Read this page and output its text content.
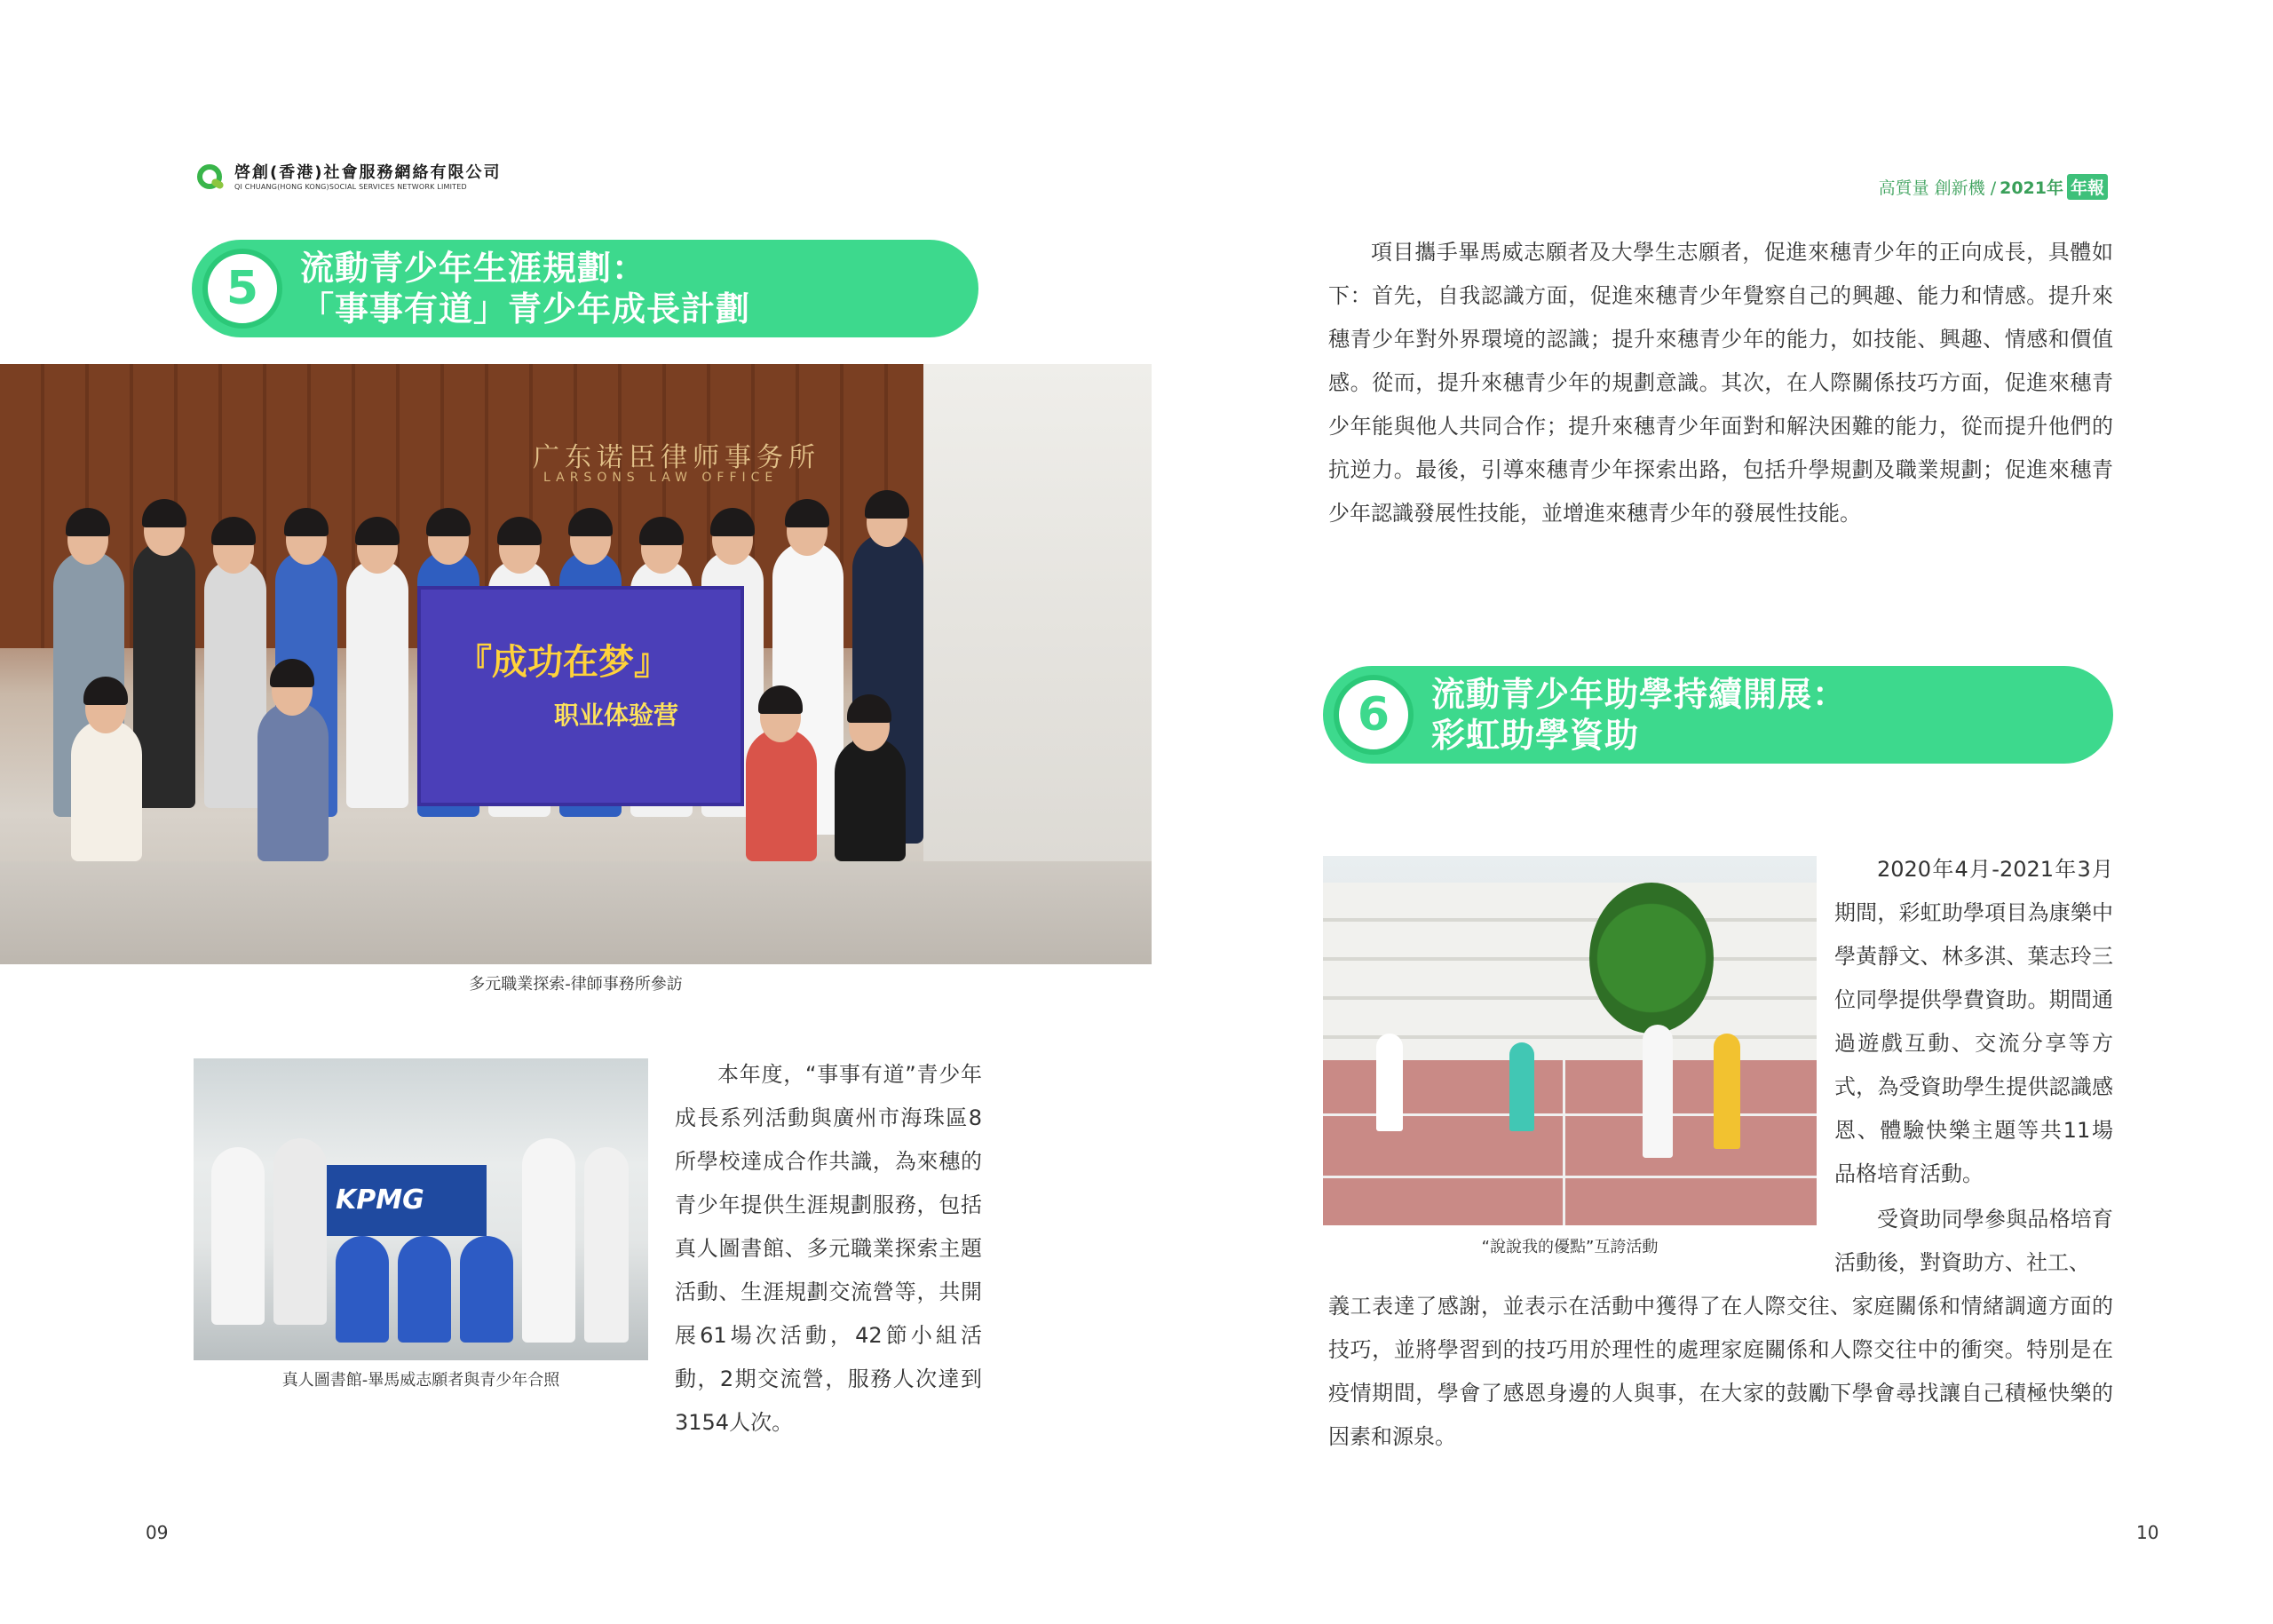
啓創(香港)社會服務網絡有限公司
QI CHUANG(HONG KONG)SOCIAL SERVICES NETWORK LIMITED	高質量 創新機 / 2021年 年報
5	流動青少年生涯規劃：
「事事有道」青少年成長計劃
广东诺臣律师事务所
LARSONS LAW OFFICE
『成功在梦』
职业体验营
多元職業探索-律師事務所參訪
KPMG
真人圖書館-畢馬威志願者與青少年合照
本年度，“事事有道”青少年成長系列活動與廣州市海珠區8所學校達成合作共識，為來穗的青少年提供生涯規劃服務，包括真人圖書館、多元職業探索主題活動、生涯規劃交流營等，共開展61場次活動，42節小組活動，2期交流營，服務人次達到3154人次。
項目攜手畢馬威志願者及大學生志願者，促進來穗青少年的正向成長，具體如下：首先，自我認識方面，促進來穗青少年覺察自己的興趣、能力和情感。提升來穗青少年對外界環境的認識；提升來穗青少年的能力，如技能、興趣、情感和價值感。從而，提升來穗青少年的規劃意識。其次，在人際關係技巧方面，促進來穗青少年能與他人共同合作；提升來穗青少年面對和解決困難的能力，從而提升他們的抗逆力。最後，引導來穗青少年探索出路，包括升學規劃及職業規劃；促進來穗青少年認識發展性技能，並增進來穗青少年的發展性技能。
6	流動青少年助學持續開展：
彩虹助學資助
“說說我的優點”互誇活動
2020年4月-2021年3月期間，彩虹助學項目為康樂中學黃靜文、林多淇、葉志玲三位同學提供學費資助。期間通過遊戲互動、交流分享等方式，為受資助學生提供認識感恩、體驗快樂主題等共11場品格培育活動。
受資助同學參與品格培育活動後，對資助方、社工、
義工表達了感謝，並表示在活動中獲得了在人際交往、家庭關係和情緒調適方面的技巧，並將學習到的技巧用於理性的處理家庭關係和人際交往中的衝突。特別是在疫情期間，學會了感恩身邊的人與事，在大家的鼓勵下學會尋找讓自己積極快樂的因素和源泉。
09	10
